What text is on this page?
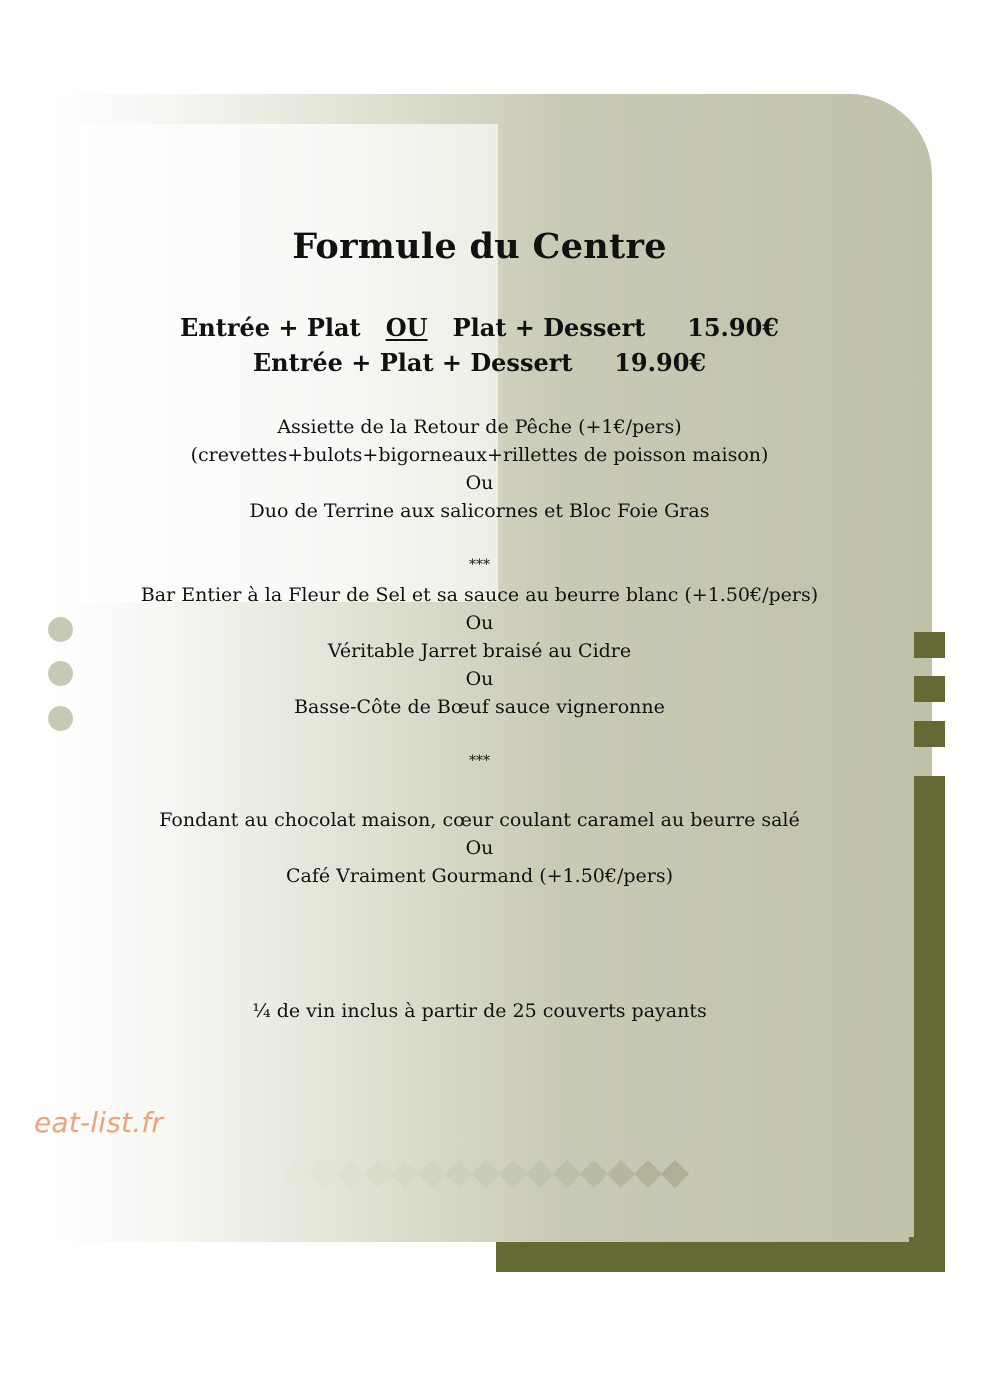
eat-list.fr
Formule du Centre
Entrée + Plat OU Plat + Dessert 15.90€
Entrée + Plat + Dessert 19.90€
Assiette de la Retour de Pêche (+1€/pers)
(crevettes+bulots+bigorneaux+rillettes de poisson maison)
Ou
Duo de Terrine aux salicornes et Bloc Foie Gras
***
Bar Entier à la Fleur de Sel et sa sauce au beurre blanc (+1.50€/pers)
Ou
Véritable Jarret braisé au Cidre
Ou
Basse-Côte de Bœuf sauce vigneronne
***
Fondant au chocolat maison, cœur coulant caramel au beurre salé
Ou
Café Vraiment Gourmand (+1.50€/pers)
¼ de vin inclus à partir de 25 couverts payants
